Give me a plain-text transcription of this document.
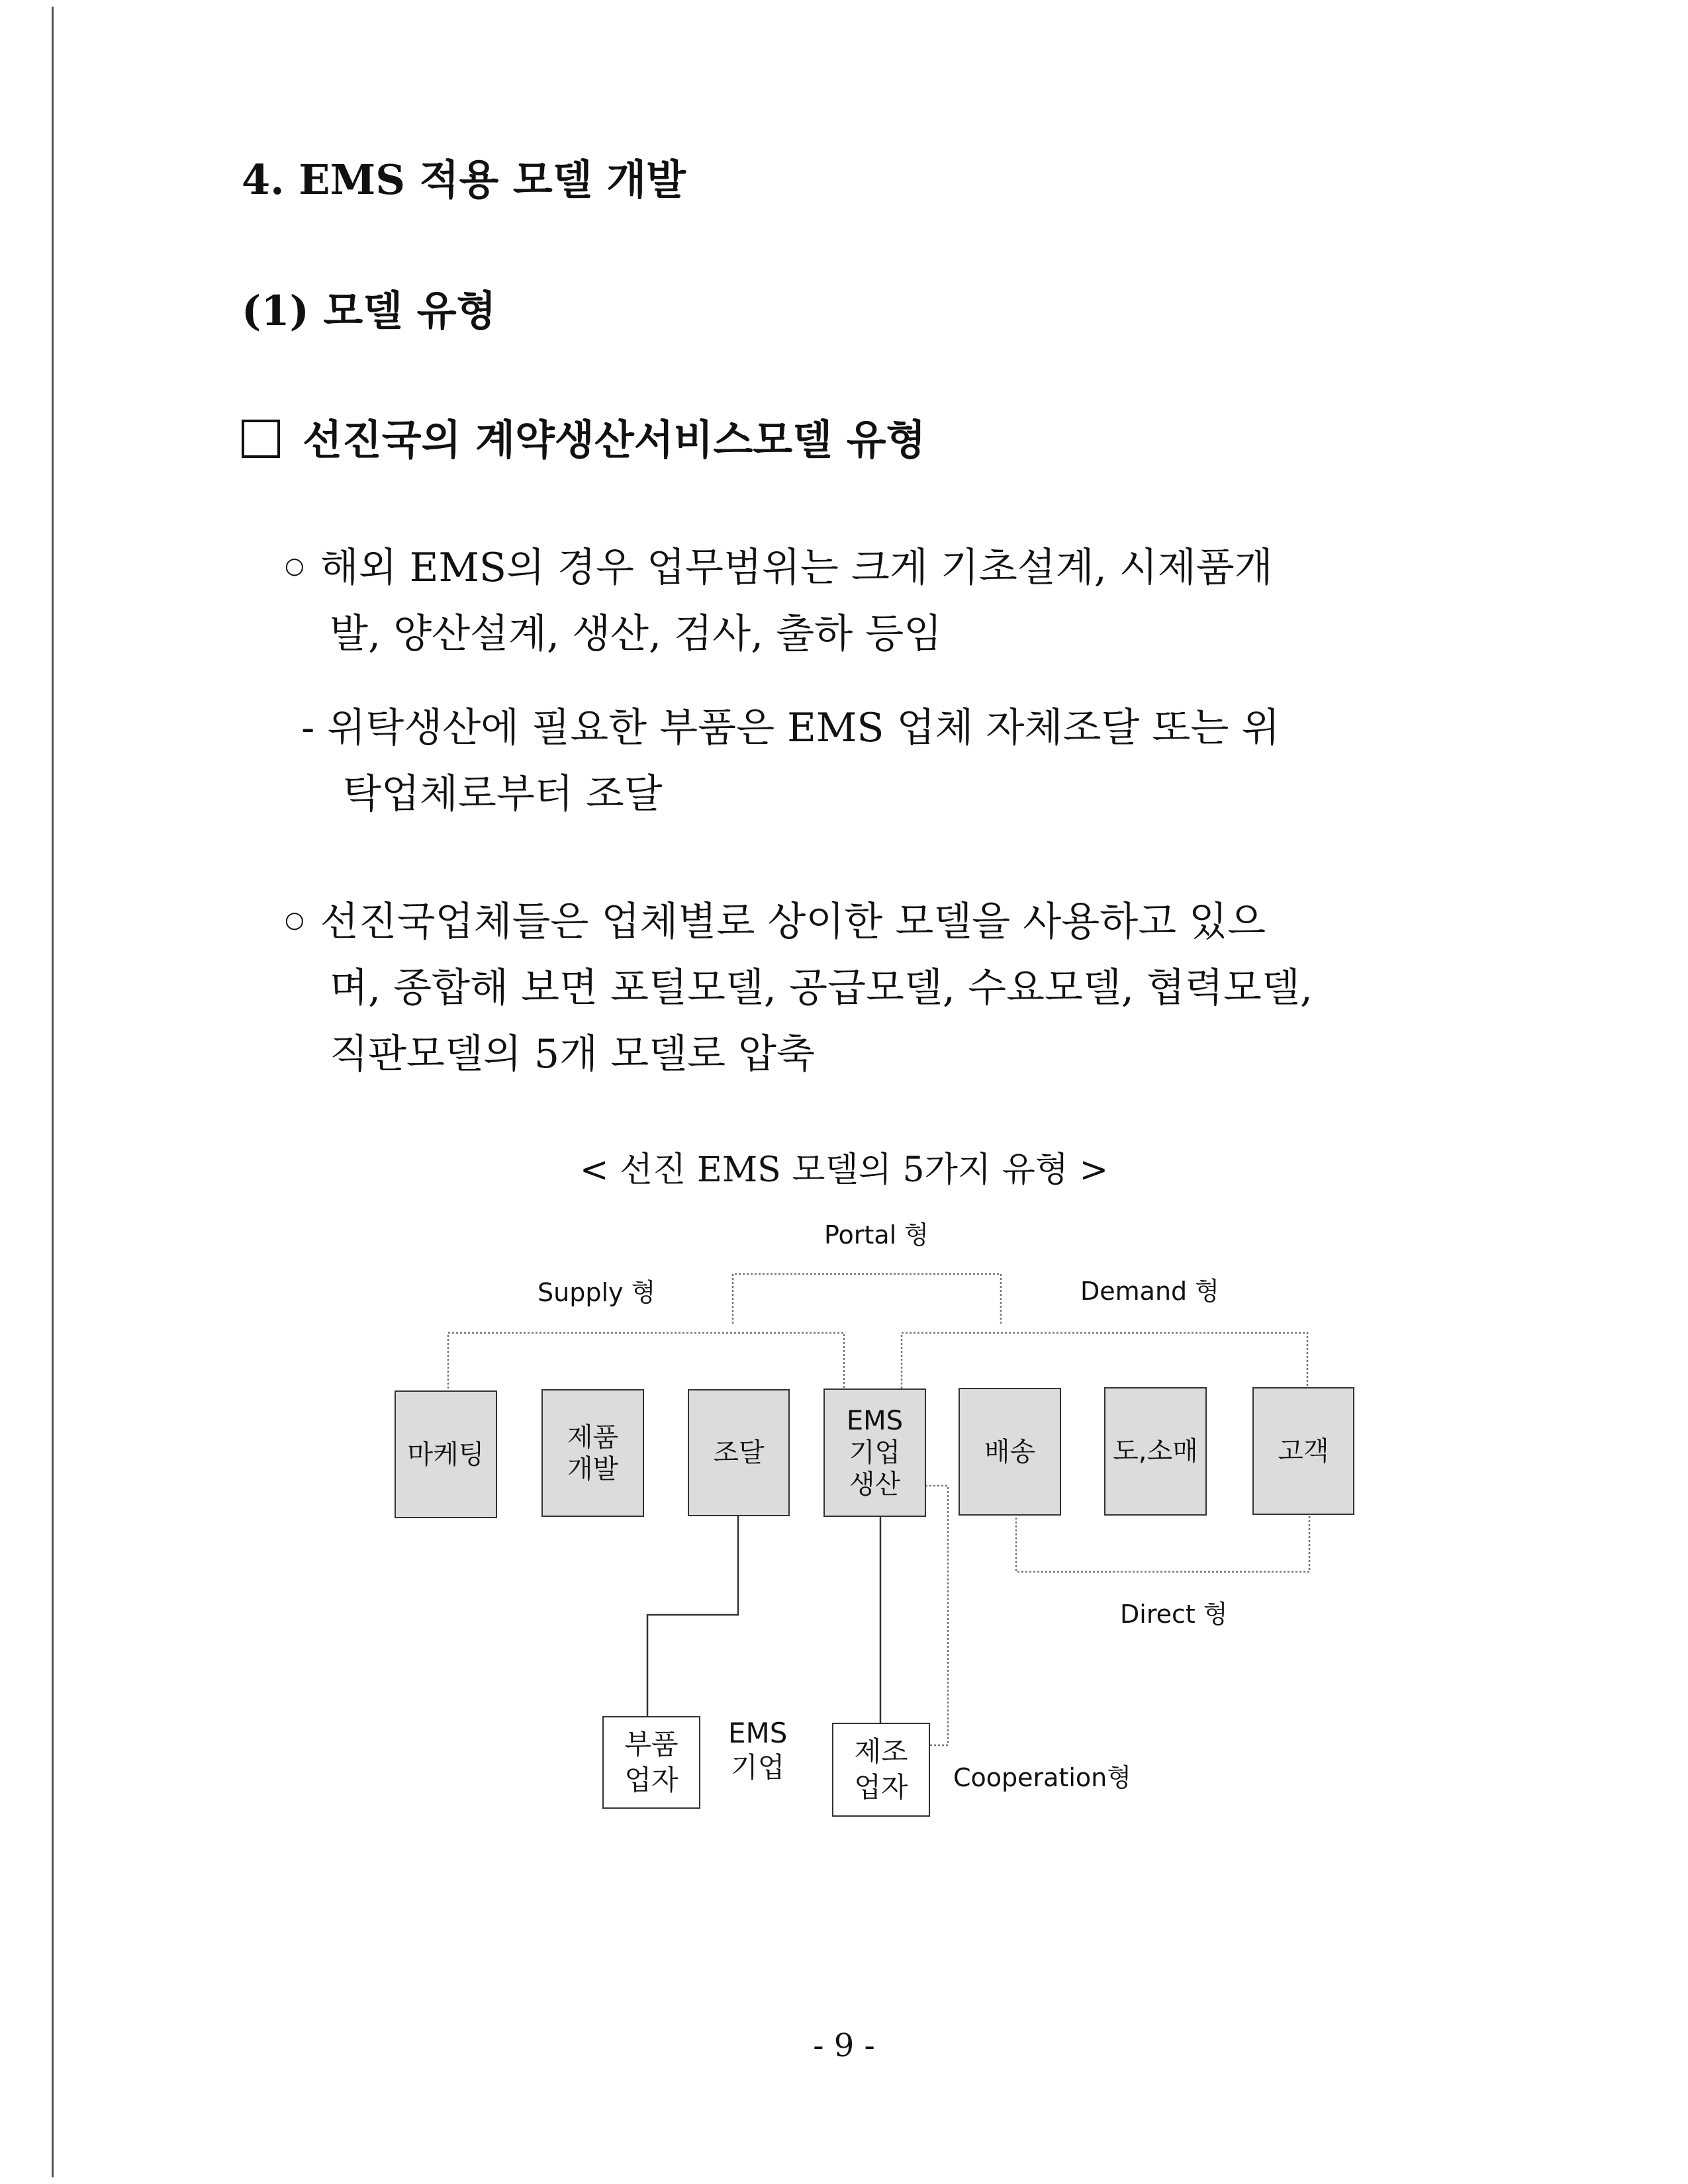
4. EMS 적용 모델 개발
(1) 모델 유형
선진국의 계약생산서비스모델 유형
○ 해외 EMS의 경우 업무범위는 크게 기초설계, 시제품개
발, 양산설계, 생산, 검사, 출하 등임
- 위탁생산에 필요한 부품은 EMS 업체 자체조달 또는 위
탁업체로부터 조달
○ 선진국업체들은 업체별로 상이한 모델을 사용하고 있으
며, 종합해 보면 포털모델, 공급모델, 수요모델, 협력모델,
직판모델의 5개 모델로 압축
< 선진 EMS 모델의 5가지 유형 >
Portal 형
Supply 형	Demand 형
Direct 형
Cooperation형
EMS
기업
마케팅
제품
개발
조달
EMS
기업
생산
배송	도,소매	고객
부품
업자
제조
업자
- 9 -
